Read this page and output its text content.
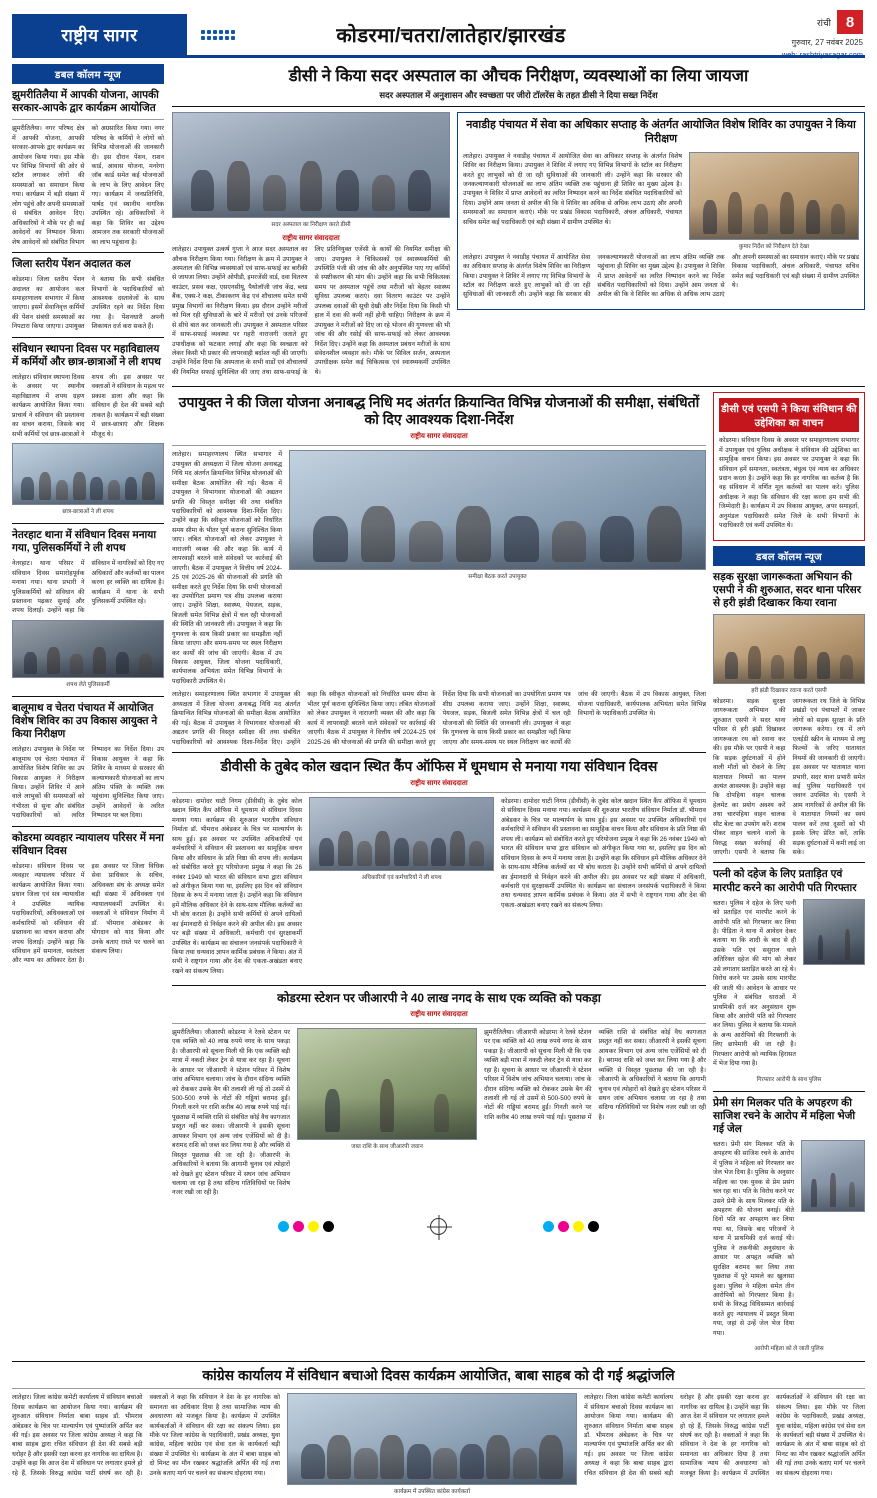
राष्ट्रीय सागर	कोडरमा/चतरा/लातेहार/झारखंड
रांची 8
गुरुवार, 27 नवंबर 2025
web: rashtriyasagar.com
डबल कॉलम न्यूज
झुमरीतिलैया में आपकी योजना, आपकी सरकार-आपके द्वार कार्यक्रम आयोजित

झुमरीतिलैया। नगर परिषद क्षेत्र में आपकी योजना, आपकी सरकार-आपके द्वार कार्यक्रम का आयोजन किया गया। इस मौके पर विभिन्न विभागों की ओर से स्टॉल लगाकर लोगों की समस्याओं का समाधान किया गया। कार्यक्रम में बड़ी संख्या में लोग पहुंचे और अपनी समस्याओं से संबंधित आवेदन दिए। अधिकारियों ने मौके पर ही कई आवेदनों का निष्पादन किया। शेष आवेदनों को संबंधित विभाग को अग्रसारित किया गया। नगर परिषद के कर्मियों ने लोगों को विभिन्न योजनाओं की जानकारी दी। इस दौरान पेंशन, राशन कार्ड, आवास योजना, मनरेगा जॉब कार्ड समेत कई योजनाओं के लाभ के लिए आवेदन लिए गए। कार्यक्रम में जनप्रतिनिधि, पार्षद एवं स्थानीय नागरिक उपस्थित रहे। अधिकारियों ने कहा कि शिविर का उद्देश्य आमजन तक सरकारी योजनाओं का लाभ पहुंचाना है।

जिला स्तरीय पेंशन अदालत कल

कोडरमा। जिला स्तरीय पेंशन अदालत का आयोजन कल समाहरणालय सभागार में किया जाएगा। इसमें सेवानिवृत्त कर्मियों की पेंशन संबंधी समस्याओं का निपटारा किया जाएगा। उपायुक्त ने बताया कि सभी संबंधित विभागों के पदाधिकारियों को आवश्यक दस्तावेजों के साथ उपस्थित रहने का निर्देश दिया गया है। पेंशनधारी अपनी शिकायत दर्ज करा सकते हैं।

संविधान स्थापना दिवस पर महाविद्यालय में कर्मियों और छात्र-छात्राओं ने ली शपथ

लातेहार। संविधान स्थापना दिवस के अवसर पर स्थानीय महाविद्यालय में शपथ ग्रहण कार्यक्रम आयोजित किया गया। प्राचार्य ने संविधान की प्रस्तावना का वाचन कराया, जिसके बाद सभी कर्मियों एवं छात्र-छात्राओं ने शपथ ली। इस अवसर पर वक्ताओं ने संविधान के महत्व पर प्रकाश डाला और कहा कि संविधान ही देश की सबसे बड़ी ताकत है। कार्यक्रम में बड़ी संख्या में छात्र-छात्राएं और शिक्षक मौजूद थे।

छात्र-छात्राओं ने ली शपथ
नेतरहाट थाना में संविधान दिवस मनाया गया, पुलिसकर्मियों ने ली शपथ

नेतरहाट। थाना परिसर में संविधान दिवस समारोहपूर्वक मनाया गया। थाना प्रभारी ने पुलिसकर्मियों को संविधान की प्रस्तावना पढ़कर सुनाई और शपथ दिलाई। उन्होंने कहा कि संविधान में नागरिकों को दिए गए अधिकारों और कर्तव्यों का पालन करना हर व्यक्ति का दायित्व है। कार्यक्रम में थाना के सभी पुलिसकर्मी उपस्थित रहे।

शपथ लेते पुलिसकर्मी
बालूमाथ व चेतरा पंचायत में आयोजित विशेष शिविर का उप विकास आयुक्त ने किया निरीक्षण

लातेहार। उपायुक्त के निर्देश पर बालूमाथ एवं चेतरा पंचायत में आयोजित विशेष शिविर का उप विकास आयुक्त ने निरीक्षण किया। उन्होंने शिविर में आने वाले लाभुकों की समस्याओं को गंभीरता से सुना और संबंधित पदाधिकारियों को त्वरित निष्पादन का निर्देश दिया। उप विकास आयुक्त ने कहा कि शिविर के माध्यम से सरकार की कल्याणकारी योजनाओं का लाभ अंतिम पंक्ति के व्यक्ति तक पहुंचाना सुनिश्चित किया जाए। उन्होंने आवेदनों के त्वरित निष्पादन पर बल दिया।

कोडरमा व्यवहार न्यायालय परिसर में मना संविधान दिवस

कोडरमा। संविधान दिवस पर व्यवहार न्यायालय परिसर में कार्यक्रम आयोजित किया गया। प्रधान जिला एवं सत्र न्यायाधीश ने उपस्थित न्यायिक पदाधिकारियों, अधिवक्ताओं एवं कर्मचारियों को संविधान की प्रस्तावना का वाचन कराया और शपथ दिलाई। उन्होंने कहा कि संविधान हमें समानता, स्वतंत्रता और न्याय का अधिकार देता है। इस अवसर पर जिला विधिक सेवा प्राधिकार के सचिव, अधिवक्ता संघ के अध्यक्ष समेत बड़ी संख्या में अधिवक्ता एवं न्यायालयकर्मी उपस्थित थे। वक्ताओं ने संविधान निर्माण में डॉ. भीमराव अंबेडकर के योगदान को याद किया और उनके बताए रास्ते पर चलने का संकल्प लिया।

डीसी ने किया सदर अस्पताल का औचक निरीक्षण, व्यवस्थाओं का लिया जायजा
सदर अस्पताल में अनुशासन और स्वच्छता पर जीरो टॉलरेंस के तहत डीसी ने दिया सख्त निर्देश
सदर अस्पताल का निरीक्षण करते डीसी
राष्ट्रीय सागर संवाददाता

लातेहार। उपायुक्त उत्कर्ष गुप्ता ने आज सदर अस्पताल का औचक निरीक्षण किया गया। निरीक्षण के क्रम में उपायुक्त ने अस्पताल की विभिन्न व्यवस्थाओं एवं साफ-सफाई का बारीकी से जायजा लिया। उन्होंने ओपीडी, इमरजेंसी वार्ड, दवा वितरण काउंटर, प्रसव कक्ष, एसएनसीयू, पैथोलॉजी जांच केंद्र, ब्लड बैंक, एक्स-रे कक्ष, टीकाकरण केंद्र एवं शौचालय समेत सभी प्रमुख विभागों का निरीक्षण किया। इस दौरान उन्होंने मरीजों को मिल रही सुविधाओं के बारे में मरीजों एवं उनके परिजनों से सीधे बात कर जानकारी ली। उपायुक्त ने अस्पताल परिसर में साफ-सफाई व्यवस्था पर गहरी नाराजगी जताते हुए उपाधीक्षक को फटकार लगाई और कहा कि स्वच्छता को लेकर किसी भी प्रकार की लापरवाही बर्दाश्त नहीं की जाएगी। उन्होंने निर्देश दिया कि अस्पताल के सभी वार्डों एवं शौचालयों की नियमित सफाई सुनिश्चित की जाए तथा साफ-सफाई के लिए प्रतिनियुक्त एजेंसी के कार्यों की नियमित समीक्षा की जाए। उपायुक्त ने चिकित्सकों एवं स्वास्थ्यकर्मियों की उपस्थिति पंजी की जांच की और अनुपस्थित पाए गए कर्मियों से स्पष्टीकरण की मांग की। उन्होंने कहा कि सभी चिकित्सक समय पर अस्पताल पहुंचें तथा मरीजों को बेहतर स्वास्थ्य सुविधा उपलब्ध कराएं। दवा वितरण काउंटर पर उन्होंने उपलब्ध दवाओं की सूची देखी और निर्देश दिया कि किसी भी हाल में दवा की कमी नहीं होनी चाहिए। निरीक्षण के क्रम में उपायुक्त ने मरीजों को दिए जा रहे भोजन की गुणवत्ता की भी जांच की और रसोई की साफ-सफाई को लेकर आवश्यक निर्देश दिए। उन्होंने कहा कि अस्पताल प्रबंधन मरीजों के साथ संवेदनशील व्यवहार करे। मौके पर सिविल सर्जन, अस्पताल उपाधीक्षक समेत कई चिकित्सक एवं स्वास्थ्यकर्मी उपस्थित थे।

नवाडीह पंचायत में सेवा का अधिकार सप्ताह के अंतर्गत आयोजित विशेष शिविर का उपायुक्त ने किया निरीक्षण

लातेहार। उपायुक्त ने नवाडीह पंचायत में आयोजित सेवा का अधिकार सप्ताह के अंतर्गत विशेष शिविर का निरीक्षण किया। उपायुक्त ने शिविर में लगाए गए विभिन्न विभागों के स्टॉल का निरीक्षण करते हुए लाभुकों को दी जा रही सुविधाओं की जानकारी ली। उन्होंने कहा कि सरकार की जनकल्याणकारी योजनाओं का लाभ अंतिम व्यक्ति तक पहुंचाना ही शिविर का मुख्य उद्देश्य है। उपायुक्त ने शिविर में प्राप्त आवेदनों का त्वरित निष्पादन करने का निर्देश संबंधित पदाधिकारियों को दिया। उन्होंने आम जनता से अपील की कि वे शिविर का अधिक से अधिक लाभ उठाएं और अपनी समस्याओं का समाधान कराएं। मौके पर प्रखंड विकास पदाधिकारी, अंचल अधिकारी, पंचायत सचिव समेत कई पदाधिकारी एवं बड़ी संख्या में ग्रामीण उपस्थित थे।

कुमार निर्देश को निरीक्षण देते देखा

लातेहार। उपायुक्त ने नवाडीह पंचायत में आयोजित सेवा का अधिकार सप्ताह के अंतर्गत विशेष शिविर का निरीक्षण किया। उपायुक्त ने शिविर में लगाए गए विभिन्न विभागों के स्टॉल का निरीक्षण करते हुए लाभुकों को दी जा रही सुविधाओं की जानकारी ली। उन्होंने कहा कि सरकार की जनकल्याणकारी योजनाओं का लाभ अंतिम व्यक्ति तक पहुंचाना ही शिविर का मुख्य उद्देश्य है। उपायुक्त ने शिविर में प्राप्त आवेदनों का त्वरित निष्पादन करने का निर्देश संबंधित पदाधिकारियों को दिया। उन्होंने आम जनता से अपील की कि वे शिविर का अधिक से अधिक लाभ उठाएं और अपनी समस्याओं का समाधान कराएं। मौके पर प्रखंड विकास पदाधिकारी, अंचल अधिकारी, पंचायत सचिव समेत कई पदाधिकारी एवं बड़ी संख्या में ग्रामीण उपस्थित थे।

उपायुक्त ने की जिला योजना अनाबद्ध निधि मद अंतर्गत क्रियान्वित विभिन्न योजनाओं की समीक्षा, संबंधितों को दिए आवश्यक दिशा-निर्देश
राष्ट्रीय सागर संवाददाता

लातेहार। समाहरणालय स्थित सभागार में उपायुक्त की अध्यक्षता में जिला योजना अनाबद्ध निधि मद अंतर्गत क्रियान्वित विभिन्न योजनाओं की समीक्षा बैठक आयोजित की गई। बैठक में उपायुक्त ने विभागवार योजनाओं की अद्यतन प्रगति की विस्तृत समीक्षा की तथा संबंधित पदाधिकारियों को आवश्यक दिशा-निर्देश दिए। उन्होंने कहा कि स्वीकृत योजनाओं को निर्धारित समय सीमा के भीतर पूर्ण कराना सुनिश्चित किया जाए। लंबित योजनाओं को लेकर उपायुक्त ने नाराजगी व्यक्त की और कहा कि कार्य में लापरवाही बरतने वाले संवेदकों पर कार्रवाई की जाएगी। बैठक में उपायुक्त ने वित्तीय वर्ष 2024-25 एवं 2025-26 की योजनाओं की प्रगति की समीक्षा करते हुए निर्देश दिया कि सभी योजनाओं का उपयोगिता प्रमाण पत्र शीघ्र उपलब्ध कराया जाए। उन्होंने शिक्षा, स्वास्थ्य, पेयजल, सड़क, बिजली समेत विभिन्न क्षेत्रों में चल रही योजनाओं की स्थिति की जानकारी ली। उपायुक्त ने कहा कि गुणवत्ता के साथ किसी प्रकार का समझौता नहीं किया जाएगा और समय-समय पर स्थल निरीक्षण कर कार्यों की जांच की जाएगी। बैठक में उप विकास आयुक्त, जिला योजना पदाधिकारी, कार्यपालक अभियंता समेत विभिन्न विभागों के पदाधिकारी उपस्थित थे।

समीक्षा बैठक करते उपायुक्त

लातेहार। समाहरणालय स्थित सभागार में उपायुक्त की अध्यक्षता में जिला योजना अनाबद्ध निधि मद अंतर्गत क्रियान्वित विभिन्न योजनाओं की समीक्षा बैठक आयोजित की गई। बैठक में उपायुक्त ने विभागवार योजनाओं की अद्यतन प्रगति की विस्तृत समीक्षा की तथा संबंधित पदाधिकारियों को आवश्यक दिशा-निर्देश दिए। उन्होंने कहा कि स्वीकृत योजनाओं को निर्धारित समय सीमा के भीतर पूर्ण कराना सुनिश्चित किया जाए। लंबित योजनाओं को लेकर उपायुक्त ने नाराजगी व्यक्त की और कहा कि कार्य में लापरवाही बरतने वाले संवेदकों पर कार्रवाई की जाएगी। बैठक में उपायुक्त ने वित्तीय वर्ष 2024-25 एवं 2025-26 की योजनाओं की प्रगति की समीक्षा करते हुए निर्देश दिया कि सभी योजनाओं का उपयोगिता प्रमाण पत्र शीघ्र उपलब्ध कराया जाए। उन्होंने शिक्षा, स्वास्थ्य, पेयजल, सड़क, बिजली समेत विभिन्न क्षेत्रों में चल रही योजनाओं की स्थिति की जानकारी ली। उपायुक्त ने कहा कि गुणवत्ता के साथ किसी प्रकार का समझौता नहीं किया जाएगा और समय-समय पर स्थल निरीक्षण कर कार्यों की जांच की जाएगी। बैठक में उप विकास आयुक्त, जिला योजना पदाधिकारी, कार्यपालक अभियंता समेत विभिन्न विभागों के पदाधिकारी उपस्थित थे।

डीवीसी के तुबेद कोल खदान स्थित कैंप ऑफिस में धूमधाम से मनाया गया संविधान दिवस
राष्ट्रीय सागर संवाददाता

कोडरमा। दामोदर घाटी निगम (डीवीसी) के तुबेद कोल खदान स्थित कैंप ऑफिस में धूमधाम से संविधान दिवस मनाया गया। कार्यक्रम की शुरुआत भारतीय संविधान निर्माता डॉ. भीमराव अंबेडकर के चित्र पर माल्यार्पण के साथ हुई। इस अवसर पर उपस्थित अधिकारियों एवं कर्मचारियों ने संविधान की प्रस्तावना का सामूहिक वाचन किया और संविधान के प्रति निष्ठा की शपथ ली। कार्यक्रम को संबोधित करते हुए परियोजना प्रमुख ने कहा कि 26 नवंबर 1949 को भारत की संविधान सभा द्वारा संविधान को अंगीकृत किया गया था, इसलिए इस दिन को संविधान दिवस के रूप में मनाया जाता है। उन्होंने कहा कि संविधान हमें मौलिक अधिकार देने के साथ-साथ मौलिक कर्तव्यों का भी बोध कराता है। उन्होंने सभी कर्मियों से अपने दायित्वों का ईमानदारी से निर्वहन करने की अपील की। इस अवसर पर बड़ी संख्या में अधिकारी, कर्मचारी एवं सुरक्षाकर्मी उपस्थित थे। कार्यक्रम का संचालन जनसंपर्क पदाधिकारी ने किया तथा धन्यवाद ज्ञापन कार्मिक प्रबंधक ने किया। अंत में सभी ने राष्ट्रगान गाया और देश की एकता-अखंडता बनाए रखने का संकल्प लिया।

अधिकारियों एवं कर्मचारियों ने ली शपथ

कोडरमा। दामोदर घाटी निगम (डीवीसी) के तुबेद कोल खदान स्थित कैंप ऑफिस में धूमधाम से संविधान दिवस मनाया गया। कार्यक्रम की शुरुआत भारतीय संविधान निर्माता डॉ. भीमराव अंबेडकर के चित्र पर माल्यार्पण के साथ हुई। इस अवसर पर उपस्थित अधिकारियों एवं कर्मचारियों ने संविधान की प्रस्तावना का सामूहिक वाचन किया और संविधान के प्रति निष्ठा की शपथ ली। कार्यक्रम को संबोधित करते हुए परियोजना प्रमुख ने कहा कि 26 नवंबर 1949 को भारत की संविधान सभा द्वारा संविधान को अंगीकृत किया गया था, इसलिए इस दिन को संविधान दिवस के रूप में मनाया जाता है। उन्होंने कहा कि संविधान हमें मौलिक अधिकार देने के साथ-साथ मौलिक कर्तव्यों का भी बोध कराता है। उन्होंने सभी कर्मियों से अपने दायित्वों का ईमानदारी से निर्वहन करने की अपील की। इस अवसर पर बड़ी संख्या में अधिकारी, कर्मचारी एवं सुरक्षाकर्मी उपस्थित थे। कार्यक्रम का संचालन जनसंपर्क पदाधिकारी ने किया तथा धन्यवाद ज्ञापन कार्मिक प्रबंधक ने किया। अंत में सभी ने राष्ट्रगान गाया और देश की एकता-अखंडता बनाए रखने का संकल्प लिया।

कोडरमा स्टेशन पर जीआरपी ने 40 लाख नगद के साथ एक व्यक्ति को पकड़ा
राष्ट्रीय सागर संवाददाता

झुमरीतिलैया। जीआरपी कोडरमा ने रेलवे स्टेशन पर एक व्यक्ति को 40 लाख रुपये नगद के साथ पकड़ा है। जीआरपी को सूचना मिली थी कि एक व्यक्ति बड़ी मात्रा में नकदी लेकर ट्रेन से यात्रा कर रहा है। सूचना के आधार पर जीआरपी ने स्टेशन परिसर में विशेष जांच अभियान चलाया। जांच के दौरान संदिग्ध व्यक्ति को रोककर उसके बैग की तलाशी ली गई तो उसमें से 500-500 रुपये के नोटों की गड्डियां बरामद हुईं। गिनती करने पर राशि करीब 40 लाख रुपये पाई गई। पूछताछ में व्यक्ति राशि से संबंधित कोई वैध कागजात प्रस्तुत नहीं कर सका। जीआरपी ने इसकी सूचना आयकर विभाग एवं अन्य जांच एजेंसियों को दी है। बरामद राशि को जब्त कर लिया गया है और व्यक्ति से विस्तृत पूछताछ की जा रही है। जीआरपी के अधिकारियों ने बताया कि आगामी चुनाव एवं त्योहारों को देखते हुए स्टेशन परिसर में सघन जांच अभियान चलाया जा रहा है तथा संदिग्ध गतिविधियों पर विशेष नजर रखी जा रही है।

जब्त राशि के साथ जीआरपी जवान

झुमरीतिलैया। जीआरपी कोडरमा ने रेलवे स्टेशन पर एक व्यक्ति को 40 लाख रुपये नगद के साथ पकड़ा है। जीआरपी को सूचना मिली थी कि एक व्यक्ति बड़ी मात्रा में नकदी लेकर ट्रेन से यात्रा कर रहा है। सूचना के आधार पर जीआरपी ने स्टेशन परिसर में विशेष जांच अभियान चलाया। जांच के दौरान संदिग्ध व्यक्ति को रोककर उसके बैग की तलाशी ली गई तो उसमें से 500-500 रुपये के नोटों की गड्डियां बरामद हुईं। गिनती करने पर राशि करीब 40 लाख रुपये पाई गई। पूछताछ में व्यक्ति राशि से संबंधित कोई वैध कागजात प्रस्तुत नहीं कर सका। जीआरपी ने इसकी सूचना आयकर विभाग एवं अन्य जांच एजेंसियों को दी है। बरामद राशि को जब्त कर लिया गया है और व्यक्ति से विस्तृत पूछताछ की जा रही है। जीआरपी के अधिकारियों ने बताया कि आगामी चुनाव एवं त्योहारों को देखते हुए स्टेशन परिसर में सघन जांच अभियान चलाया जा रहा है तथा संदिग्ध गतिविधियों पर विशेष नजर रखी जा रही है।

डीसी एवं एसपी ने किया संविधान की उद्देशिका का वाचन

कोडरमा। संविधान दिवस के अवसर पर समाहरणालय सभागार में उपायुक्त एवं पुलिस अधीक्षक ने संविधान की उद्देशिका का सामूहिक वाचन किया। इस अवसर पर उपायुक्त ने कहा कि संविधान हमें समानता, स्वतंत्रता, बंधुत्व एवं न्याय का अधिकार प्रदान करता है। उन्होंने कहा कि हर नागरिक का कर्तव्य है कि वह संविधान में वर्णित मूल कर्तव्यों का पालन करे। पुलिस अधीक्षक ने कहा कि संविधान की रक्षा करना हम सभी की जिम्मेदारी है। कार्यक्रम में उप विकास आयुक्त, अपर समाहर्ता, अनुमंडल पदाधिकारी समेत जिले के सभी विभागों के पदाधिकारी एवं कर्मी उपस्थित थे।

डबल कॉलम न्यूज
सड़क सुरक्षा जागरूकता अभियान की एसपी ने की शुरुआत, सदर थाना परिसर से हरी झंडी दिखाकर किया रवाना
हरी झंडी दिखाकर रवाना करते एसपी

कोडरमा। सड़क सुरक्षा जागरूकता अभियान की शुरुआत एसपी ने सदर थाना परिसर से हरी झंडी दिखाकर जागरूकता रथ को रवाना कर की। इस मौके पर एसपी ने कहा कि सड़क दुर्घटनाओं में होने वाली मौतों को रोकने के लिए यातायात नियमों का पालन अत्यंत आवश्यक है। उन्होंने कहा कि दोपहिया वाहन चालक हेलमेट का प्रयोग अवश्य करें तथा चारपहिया वाहन चालक सीट बेल्ट का उपयोग करें। शराब पीकर वाहन चलाने वालों के विरुद्ध सख्त कार्रवाई की जाएगी। एसपी ने बताया कि जागरूकता रथ जिले के विभिन्न प्रखंडों एवं पंचायतों में जाकर लोगों को सड़क सुरक्षा के प्रति जागरूक करेगा। रथ में लगे एलईडी स्क्रीन के माध्यम से लघु फिल्मों के जरिए यातायात नियमों की जानकारी दी जाएगी। इस अवसर पर यातायात थाना प्रभारी, सदर थाना प्रभारी समेत कई पुलिस पदाधिकारी एवं जवान उपस्थित थे। एसपी ने आम नागरिकों से अपील की कि वे यातायात नियमों का स्वयं पालन करें तथा दूसरों को भी इसके लिए प्रेरित करें, ताकि सड़क दुर्घटनाओं में कमी लाई जा सके।

पत्नी को दहेज के लिए प्रताड़ित एवं मारपीट करने का आरोपी पति गिरफ्तार

चतरा। पुलिस ने दहेज के लिए पत्नी को प्रताड़ित एवं मारपीट करने के आरोपी पति को गिरफ्तार कर लिया है। पीड़िता ने थाना में आवेदन देकर बताया था कि शादी के बाद से ही उसके पति एवं ससुराल वाले अतिरिक्त दहेज की मांग को लेकर उसे लगातार प्रताड़ित करते आ रहे थे। विरोध करने पर उसके साथ मारपीट की जाती थी। आवेदन के आधार पर पुलिस ने संबंधित धाराओं में प्राथमिकी दर्ज कर अनुसंधान शुरू किया और आरोपी पति को गिरफ्तार कर लिया। पुलिस ने बताया कि मामले के अन्य आरोपियों की गिरफ्तारी के लिए छापेमारी की जा रही है। गिरफ्तार आरोपी को न्यायिक हिरासत में भेज दिया गया है।

गिरफ्तार आरोपी के साथ पुलिस
प्रेमी संग मिलकर पति के अपहरण की साजिश रचने के आरोप में महिला भेजी गई जेल

चतरा। प्रेमी संग मिलकर पति के अपहरण की साजिश रचने के आरोप में पुलिस ने महिला को गिरफ्तार कर जेल भेज दिया है। पुलिस के अनुसार महिला का एक युवक से प्रेम प्रसंग चल रहा था। पति के विरोध करने पर उसने प्रेमी के साथ मिलकर पति के अपहरण की योजना बनाई। बीते दिनों पति का अपहरण कर लिया गया था, जिसके बाद परिजनों ने थाना में प्राथमिकी दर्ज कराई थी। पुलिस ने तकनीकी अनुसंधान के आधार पर अपहृत व्यक्ति को सुरक्षित बरामद कर लिया तथा पूछताछ में पूरे मामले का खुलासा हुआ। पुलिस ने महिला समेत तीन आरोपियों को गिरफ्तार किया है। सभी के विरुद्ध विधिसम्मत कार्रवाई करते हुए न्यायालय में प्रस्तुत किया गया, जहां से उन्हें जेल भेज दिया गया।

आरोपी महिला को ले जाती पुलिस
कांग्रेस कार्यालय में संविधान बचाओ दिवस कार्यक्रम आयोजित, बाबा साहब को दी गई श्रद्धांजलि

लातेहार। जिला कांग्रेस कमेटी कार्यालय में संविधान बचाओ दिवस कार्यक्रम का आयोजन किया गया। कार्यक्रम की शुरुआत संविधान निर्माता बाबा साहब डॉ. भीमराव अंबेडकर के चित्र पर माल्यार्पण एवं पुष्पांजलि अर्पित कर की गई। इस अवसर पर जिला कांग्रेस अध्यक्ष ने कहा कि बाबा साहब द्वारा रचित संविधान ही देश की सबसे बड़ी धरोहर है और इसकी रक्षा करना हर नागरिक का दायित्व है। उन्होंने कहा कि आज देश में संविधान पर लगातार हमले हो रहे हैं, जिसके विरुद्ध कांग्रेस पार्टी संघर्ष कर रही है। वक्ताओं ने कहा कि संविधान ने देश के हर नागरिक को समानता का अधिकार दिया है तथा सामाजिक न्याय की अवधारणा को मजबूत किया है। कार्यक्रम में उपस्थित कार्यकर्ताओं ने संविधान की रक्षा का संकल्प लिया। इस मौके पर जिला कांग्रेस के पदाधिकारी, प्रखंड अध्यक्ष, युवा कांग्रेस, महिला कांग्रेस एवं सेवा दल के कार्यकर्ता बड़ी संख्या में उपस्थित थे। कार्यक्रम के अंत में बाबा साहब को दो मिनट का मौन रखकर श्रद्धांजलि अर्पित की गई तथा उनके बताए मार्ग पर चलने का संकल्प दोहराया गया।

कार्यक्रम में उपस्थित कांग्रेस कार्यकर्ता

लातेहार। जिला कांग्रेस कमेटी कार्यालय में संविधान बचाओ दिवस कार्यक्रम का आयोजन किया गया। कार्यक्रम की शुरुआत संविधान निर्माता बाबा साहब डॉ. भीमराव अंबेडकर के चित्र पर माल्यार्पण एवं पुष्पांजलि अर्पित कर की गई। इस अवसर पर जिला कांग्रेस अध्यक्ष ने कहा कि बाबा साहब द्वारा रचित संविधान ही देश की सबसे बड़ी धरोहर है और इसकी रक्षा करना हर नागरिक का दायित्व है। उन्होंने कहा कि आज देश में संविधान पर लगातार हमले हो रहे हैं, जिसके विरुद्ध कांग्रेस पार्टी संघर्ष कर रही है। वक्ताओं ने कहा कि संविधान ने देश के हर नागरिक को समानता का अधिकार दिया है तथा सामाजिक न्याय की अवधारणा को मजबूत किया है। कार्यक्रम में उपस्थित कार्यकर्ताओं ने संविधान की रक्षा का संकल्प लिया। इस मौके पर जिला कांग्रेस के पदाधिकारी, प्रखंड अध्यक्ष, युवा कांग्रेस, महिला कांग्रेस एवं सेवा दल के कार्यकर्ता बड़ी संख्या में उपस्थित थे। कार्यक्रम के अंत में बाबा साहब को दो मिनट का मौन रखकर श्रद्धांजलि अर्पित की गई तथा उनके बताए मार्ग पर चलने का संकल्प दोहराया गया।
